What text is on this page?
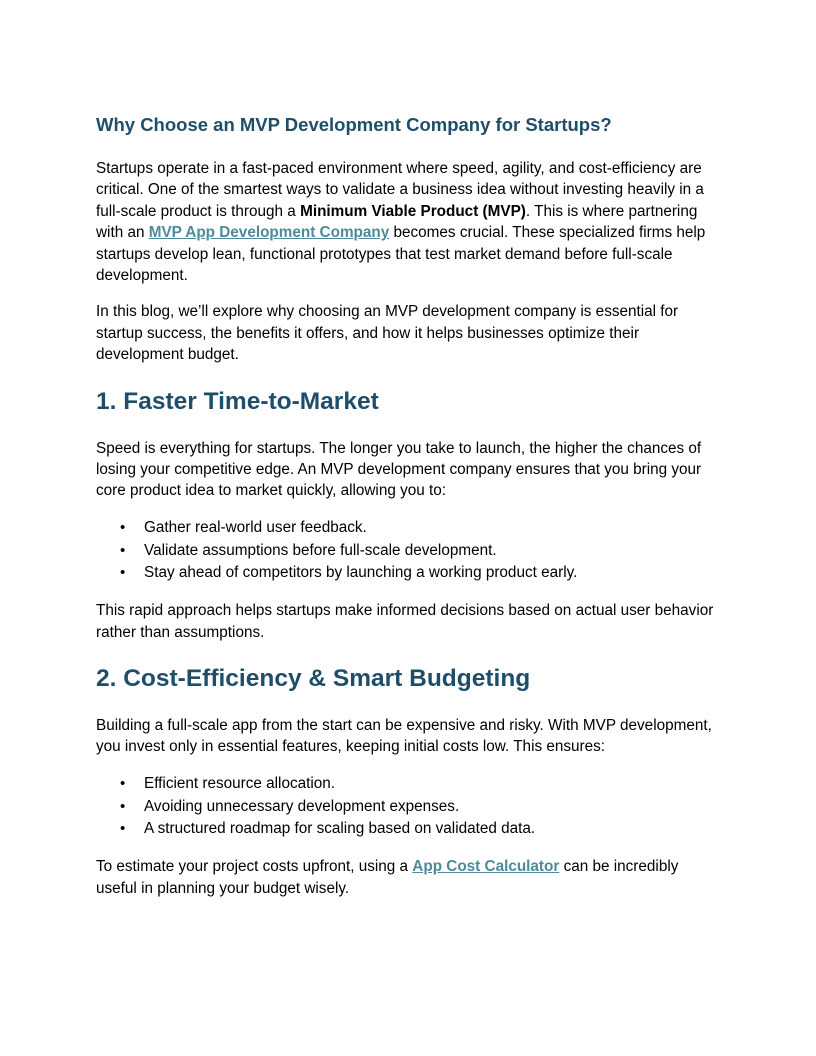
Why Choose an MVP Development Company for Startups?

Startups operate in a fast-paced environment where speed, agility, and cost-efficiency are critical. One of the smartest ways to validate a business idea without investing heavily in a full-scale product is through a Minimum Viable Product (MVP). This is where partnering with an MVP App Development Company becomes crucial. These specialized firms help startups develop lean, functional prototypes that test market demand before full-scale development.

In this blog, we’ll explore why choosing an MVP development company is essential for startup success, the benefits it offers, and how it helps businesses optimize their development budget.

1. Faster Time-to-Market

Speed is everything for startups. The longer you take to launch, the higher the chances of losing your competitive edge. An MVP development company ensures that you bring your core product idea to market quickly, allowing you to:

• Gather real-world user feedback.
• Validate assumptions before full-scale development.
• Stay ahead of competitors by launching a working product early.

This rapid approach helps startups make informed decisions based on actual user behavior rather than assumptions.

2. Cost-Efficiency & Smart Budgeting

Building a full-scale app from the start can be expensive and risky. With MVP development, you invest only in essential features, keeping initial costs low. This ensures:

• Efficient resource allocation.
• Avoiding unnecessary development expenses.
• A structured roadmap for scaling based on validated data.

To estimate your project costs upfront, using a App Cost Calculator can be incredibly useful in planning your budget wisely.
